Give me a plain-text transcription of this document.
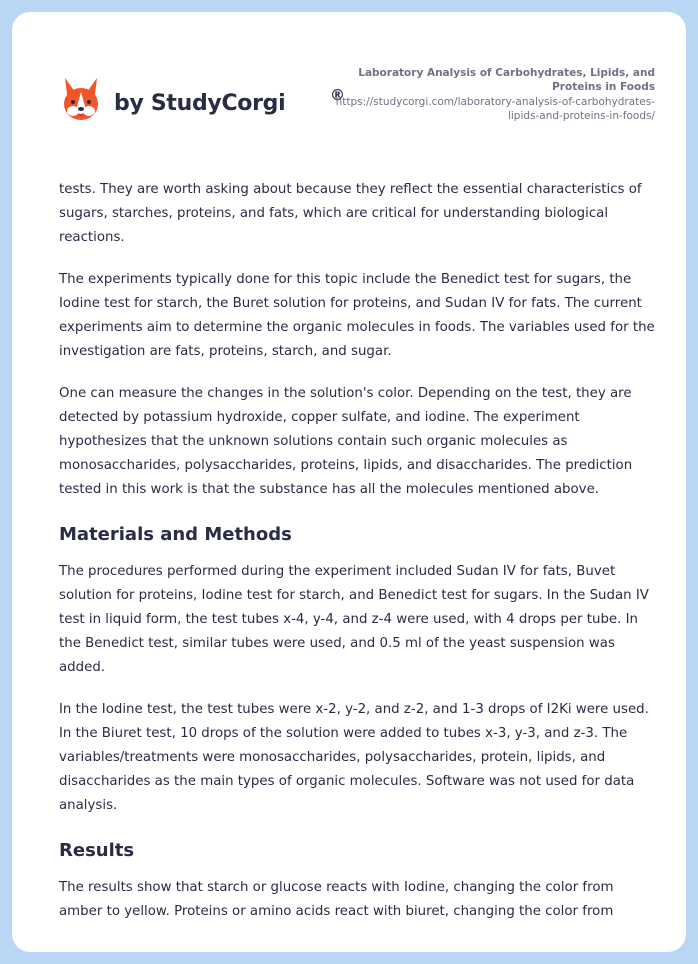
by StudyCorgi	®
Laboratory Analysis of Carbohydrates, Lipids, and
Proteins in Foods
https://studycorgi.com/laboratory-analysis-of-carbohydrates-
lipids-and-proteins-in-foods/

tests. They are worth asking about because they reflect the essential characteristics of sugars, starches, proteins, and fats, which are critical for understanding biological reactions.

The experiments typically done for this topic include the Benedict test for sugars, the Iodine test for starch, the Buret solution for proteins, and Sudan IV for fats. The current experiments aim to determine the organic molecules in foods. The variables used for the investigation are fats, proteins, starch, and sugar.

One can measure the changes in the solution's color. Depending on the test, they are detected by potassium hydroxide, copper sulfate, and iodine. The experiment hypothesizes that the unknown solutions contain such organic molecules as monosaccharides, polysaccharides, proteins, lipids, and disaccharides. The prediction tested in this work is that the substance has all the molecules mentioned above.

Materials and Methods

The procedures performed during the experiment included Sudan IV for fats, Buvet solution for proteins, Iodine test for starch, and Benedict test for sugars. In the Sudan IV test in liquid form, the test tubes x-4, y-4, and z-4 were used, with 4 drops per tube. In the Benedict test, similar tubes were used, and 0.5 ml of the yeast suspension was added.

In the Iodine test, the test tubes were x-2, y-2, and z-2, and 1-3 drops of I2Ki were used. In the Biuret test, 10 drops of the solution were added to tubes x-3, y-3, and z-3. The variables/treatments were monosaccharides, polysaccharides, protein, lipids, and disaccharides as the main types of organic molecules. Software was not used for data analysis.

Results

The results show that starch or glucose reacts with Iodine, changing the color from amber to yellow. Proteins or amino acids react with biuret, changing the color from
